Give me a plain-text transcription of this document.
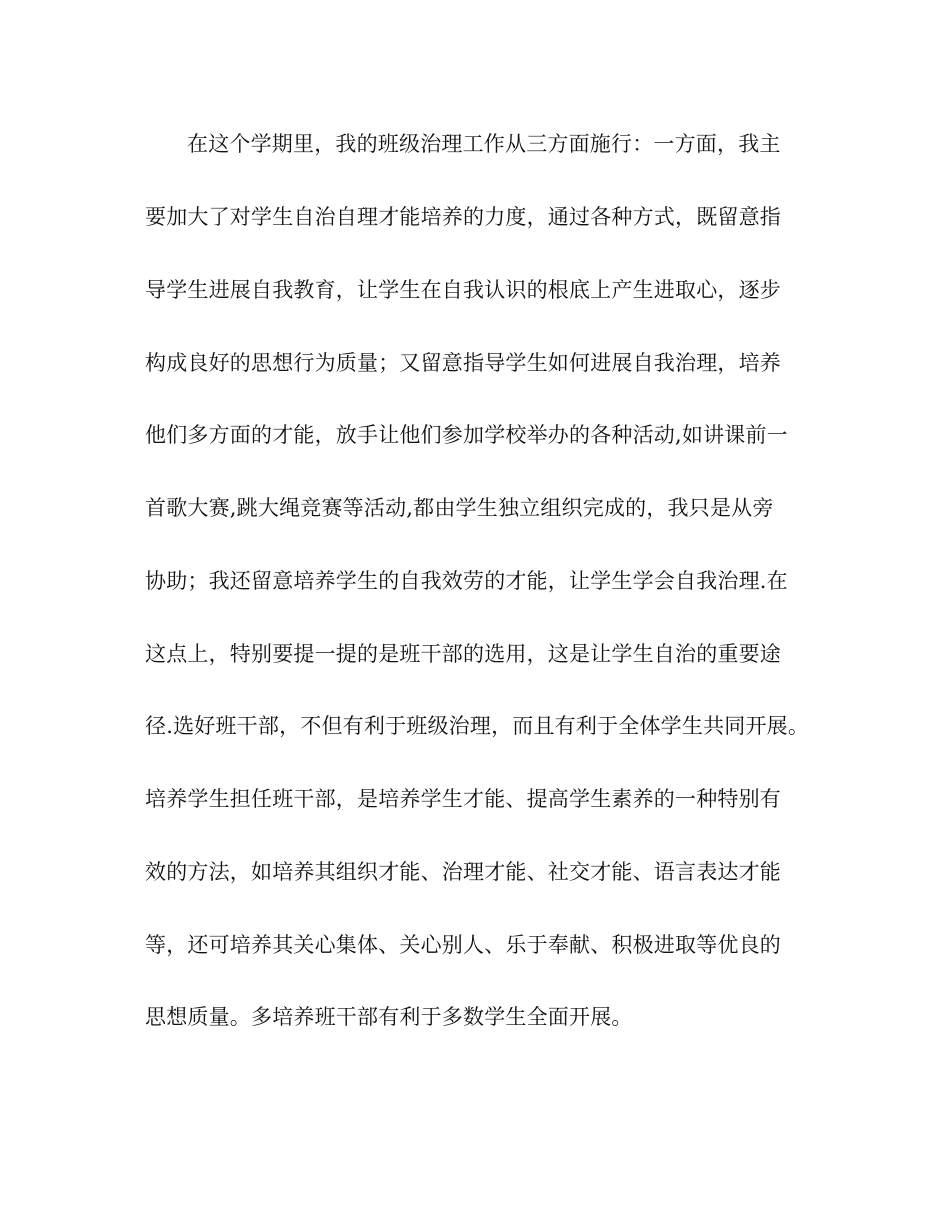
在这个学期里，我的班级治理工作从三方面施行：一方面，我主
要加大了对学生自治自理才能培养的力度，通过各种方式，既留意指
导学生进展自我教育，让学生在自我认识的根底上产生进取心，逐步
构成良好的思想行为质量；又留意指导学生如何进展自我治理，培养
他们多方面的才能，放手让他们参加学校举办的各种活动,如讲课前一
首歌大赛,跳大绳竞赛等活动,都由学生独立组织完成的，我只是从旁
协助；我还留意培养学生的自我效劳的才能，让学生学会自我治理.在
这点上，特别要提一提的是班干部的选用，这是让学生自治的重要途
径.选好班干部，不但有利于班级治理，而且有利于全体学生共同开展。
培养学生担任班干部，是培养学生才能、提高学生素养的一种特别有
效的方法，如培养其组织才能、治理才能、社交才能、语言表达才能
等，还可培养其关心集体、关心别人、乐于奉献、积极进取等优良的
思想质量。多培养班干部有利于多数学生全面开展。
